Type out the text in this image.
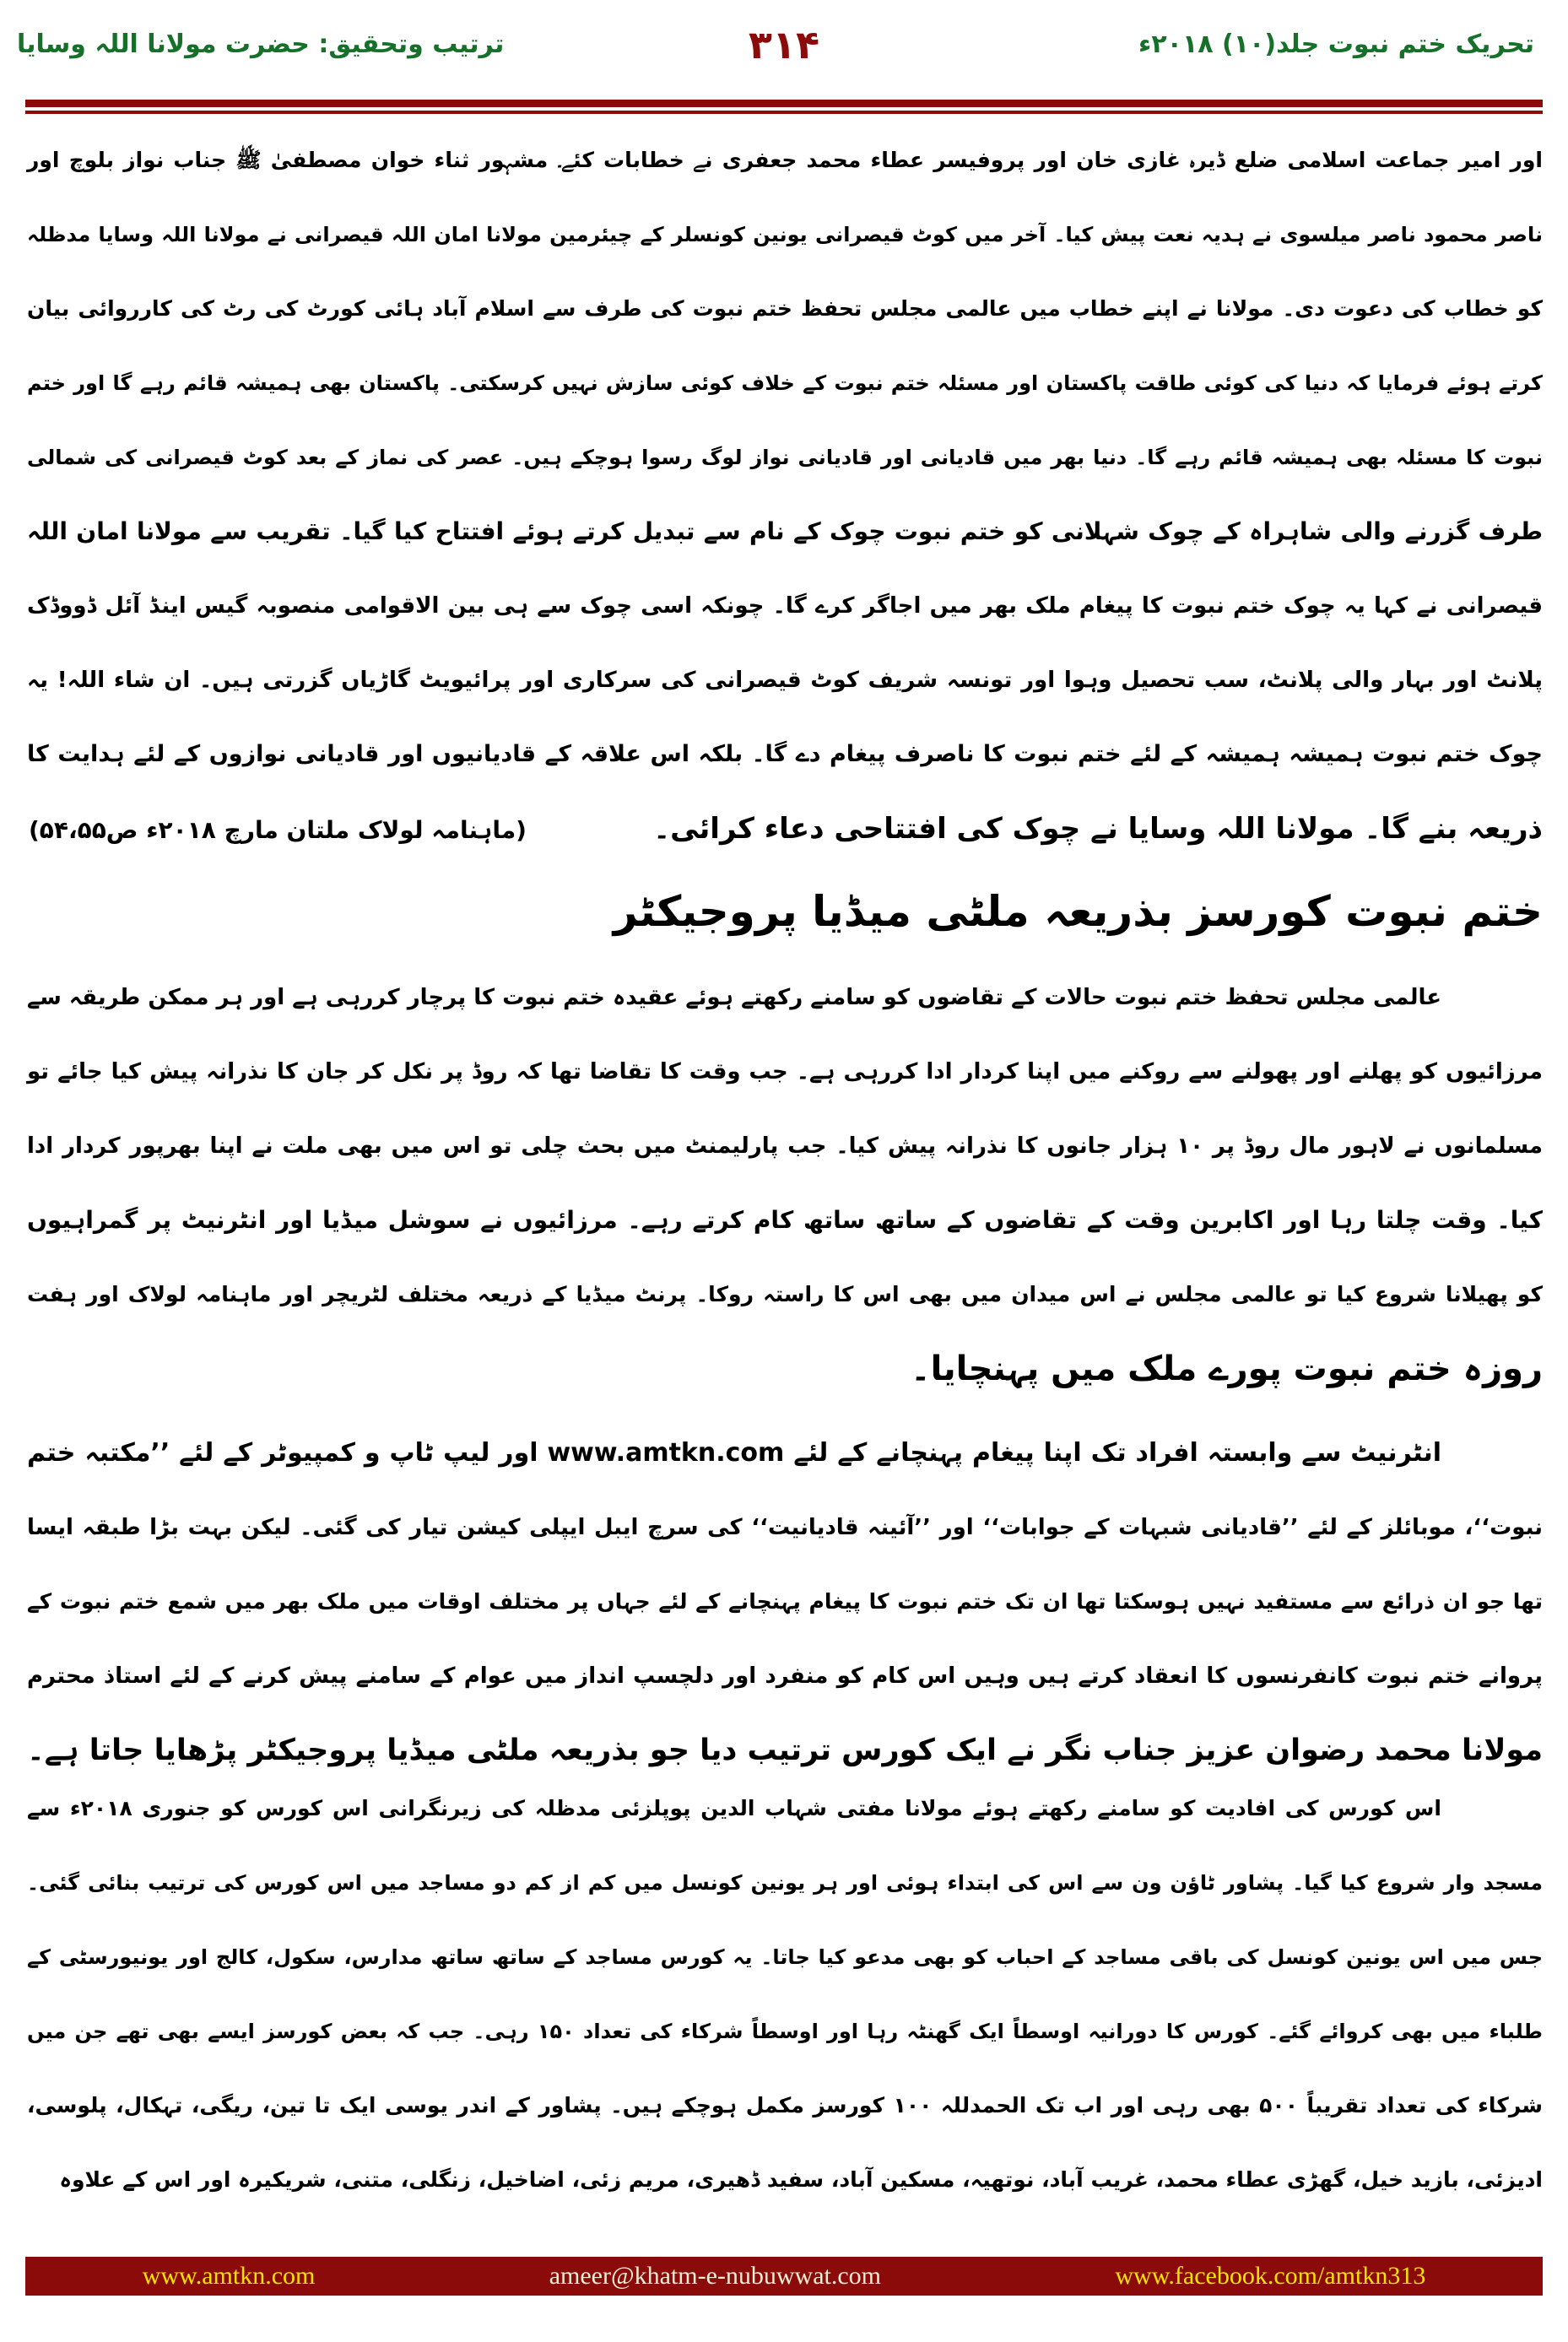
تحریک ختم نبوت جلد(۱۰) ۲۰۱۸ء
۳۱۴
ترتیب وتحقیق: حضرت مولانا اللہ وسایا
اور امیر جماعت اسلامی ضلع ڈیرہ غازی خان اور پروفیسر عطاء محمد جعفری نے خطابات کئے۔ مشہور ثناء خوان مصطفیٰ ﷺ جناب نواز بلوچ اور
ناصر محمود ناصر میلسوی نے ہدیہ نعت پیش کیا۔ آخر میں کوٹ قیصرانی یونین کونسلر کے چیئرمین مولانا امان اللہ قیصرانی نے مولانا اللہ وسایا مدظلہ
کو خطاب کی دعوت دی۔ مولانا نے اپنے خطاب میں عالمی مجلس تحفظ ختم نبوت کی طرف سے اسلام آباد ہائی کورٹ کی رٹ کی کارروائی بیان
کرتے ہوئے فرمایا کہ دنیا کی کوئی طاقت پاکستان اور مسئلہ ختم نبوت کے خلاف کوئی سازش نہیں کرسکتی۔ پاکستان بھی ہمیشہ قائم رہے گا اور ختم
نبوت کا مسئلہ بھی ہمیشہ قائم رہے گا۔ دنیا بھر میں قادیانی اور قادیانی نواز لوگ رسوا ہوچکے ہیں۔ عصر کی نماز کے بعد کوٹ قیصرانی کی شمالی
طرف گزرنے والی شاہراہ کے چوک شہلانی کو ختم نبوت چوک کے نام سے تبدیل کرتے ہوئے افتتاح کیا گیا۔ تقریب سے مولانا امان اللہ
قیصرانی نے کہا یہ چوک ختم نبوت کا پیغام ملک بھر میں اجاگر کرے گا۔ چونکہ اسی چوک سے ہی بین الاقوامی منصوبہ گیس اینڈ آئل ڈووڈک
پلانٹ اور بہار والی پلانٹ، سب تحصیل وہوا اور تونسہ شریف کوٹ قیصرانی کی سرکاری اور پرائیویٹ گاڑیاں گزرتی ہیں۔ ان شاء اللہ! یہ
چوک ختم نبوت ہمیشہ ہمیشہ کے لئے ختم نبوت کا ناصرف پیغام دے گا۔ بلکہ اس علاقہ کے قادیانیوں اور قادیانی نوازوں کے لئے ہدایت کا
ذریعہ بنے گا۔ مولانا اللہ وسایا نے چوک کی افتتاحی دعاء کرائی۔
عالمی مجلس تحفظ ختم نبوت حالات کے تقاضوں کو سامنے رکھتے ہوئے عقیدہ ختم نبوت کا پرچار کررہی ہے اور ہر ممکن طریقہ سے
مرزائیوں کو پھلنے اور پھولنے سے روکنے میں اپنا کردار ادا کررہی ہے۔ جب وقت کا تقاضا تھا کہ روڈ پر نکل کر جان کا نذرانہ پیش کیا جائے تو
مسلمانوں نے لاہور مال روڈ پر ۱۰ ہزار جانوں کا نذرانہ پیش کیا۔ جب پارلیمنٹ میں بحث چلی تو اس میں بھی ملت نے اپنا بھرپور کردار ادا
کیا۔ وقت چلتا رہا اور اکابرین وقت کے تقاضوں کے ساتھ ساتھ کام کرتے رہے۔ مرزائیوں نے سوشل میڈیا اور انٹرنیٹ پر گمراہیوں
کو پھیلانا شروع کیا تو عالمی مجلس نے اس میدان میں بھی اس کا راستہ روکا۔ پرنٹ میڈیا کے ذریعہ مختلف لٹریچر اور ماہنامہ لولاک اور ہفت
روزہ ختم نبوت پورے ملک میں پہنچایا۔
انٹرنیٹ سے وابستہ افراد تک اپنا پیغام پہنچانے کے لئے www.amtkn.com اور لیپ ٹاپ و کمپیوٹر کے لئے ’’مکتبہ ختم
نبوت‘‘، موبائلز کے لئے ’’قادیانی شبہات کے جوابات‘‘ اور ’’آئینہ قادیانیت‘‘ کی سرچ ایبل ایپلی کیشن تیار کی گئی۔ لیکن بہت بڑا طبقہ ایسا
تھا جو ان ذرائع سے مستفید نہیں ہوسکتا تھا ان تک ختم نبوت کا پیغام پہنچانے کے لئے جہاں پر مختلف اوقات میں ملک بھر میں شمع ختم نبوت کے
پروانے ختم نبوت کانفرنسوں کا انعقاد کرتے ہیں وہیں اس کام کو منفرد اور دلچسپ انداز میں عوام کے سامنے پیش کرنے کے لئے استاذ محترم
مولانا محمد رضوان عزیز جناب نگر نے ایک کورس ترتیب دیا جو بذریعہ ملٹی میڈیا پروجیکٹر پڑھایا جاتا ہے۔
اس کورس کی افادیت کو سامنے رکھتے ہوئے مولانا مفتی شہاب الدین پوپلزئی مدظلہ کی زیرنگرانی اس کورس کو جنوری ۲۰۱۸ء سے
مسجد وار شروع کیا گیا۔ پشاور ٹاؤن ون سے اس کی ابتداء ہوئی اور ہر یونین کونسل میں کم از کم دو مساجد میں اس کورس کی ترتیب بنائی گئی۔
جس میں اس یونین کونسل کی باقی مساجد کے احباب کو بھی مدعو کیا جاتا۔ یہ کورس مساجد کے ساتھ ساتھ مدارس، سکول، کالج اور یونیورسٹی کے
طلباء میں بھی کروائے گئے۔ کورس کا دورانیہ اوسطاً ایک گھنٹہ رہا اور اوسطاً شرکاء کی تعداد ۱۵۰ رہی۔ جب کہ بعض کورسز ایسے بھی تھے جن میں
شرکاء کی تعداد تقریباً ۵۰۰ بھی رہی اور اب تک الحمدللہ ۱۰۰ کورسز مکمل ہوچکے ہیں۔ پشاور کے اندر یوسی ایک تا تین، ریگی، تہکال، پلوسی،
ادیزئی، بازید خیل، گھڑی عطاء محمد، غریب آباد، نوتھیہ، مسکین آباد، سفید ڈھیری، مریم زئی، اضاخیل، زنگلی، متنی، شریکیرہ اور اس کے علاوہ
(ماہنامہ لولاک ملتان مارچ ۲۰۱۸ء ص۵۴،۵۵)
ختم نبوت کورسز بذریعہ ملٹی میڈیا پروجیکٹر
www.amtkn.com	ameer@khatm-e-nubuwwat.com	www.facebook.com/amtkn313
